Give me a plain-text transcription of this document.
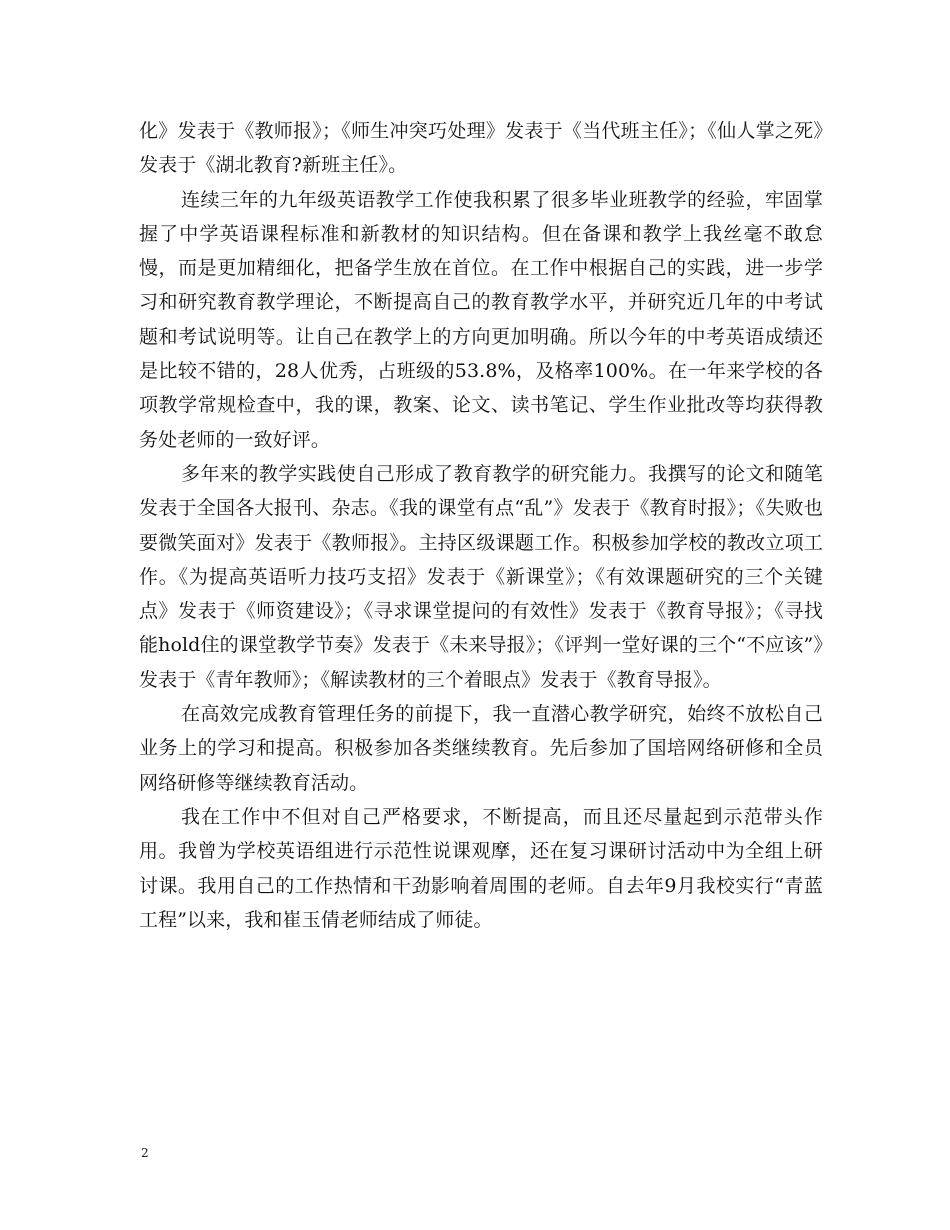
化》发表于《教师报》；《师生冲突巧处理》发表于《当代班主任》；《仙人掌之死》发表于《湖北教育?新班主任》。

连续三年的九年级英语教学工作使我积累了很多毕业班教学的经验，牢固掌握了中学英语课程标准和新教材的知识结构。但在备课和教学上我丝毫不敢怠慢，而是更加精细化，把备学生放在首位。在工作中根据自己的实践，进一步学习和研究教育教学理论，不断提高自己的教育教学水平，并研究近几年的中考试题和考试说明等。让自己在教学上的方向更加明确。所以今年的中考英语成绩还是比较不错的，28人优秀，占班级的53.8%，及格率100%。在一年来学校的各项教学常规检查中，我的课，教案、论文、读书笔记、学生作业批改等均获得教务处老师的一致好评。

多年来的教学实践使自己形成了教育教学的研究能力。我撰写的论文和随笔发表于全国各大报刊、杂志。《我的课堂有点“乱”》发表于《教育时报》；《失败也要微笑面对》发表于《教师报》。主持区级课题工作。积极参加学校的教改立项工作。《为提高英语听力技巧支招》发表于《新课堂》；《有效课题研究的三个关键点》发表于《师资建设》；《寻求课堂提问的有效性》发表于《教育导报》；《寻找能hold住的课堂教学节奏》发表于《未来导报》；《评判一堂好课的三个“不应该”》发表于《青年教师》；《解读教材的三个着眼点》发表于《教育导报》。

在高效完成教育管理任务的前提下，我一直潜心教学研究，始终不放松自己业务上的学习和提高。积极参加各类继续教育。先后参加了国培网络研修和全员网络研修等继续教育活动。

我在工作中不但对自己严格要求，不断提高，而且还尽量起到示范带头作用。我曾为学校英语组进行示范性说课观摩，还在复习课研讨活动中为全组上研讨课。我用自己的工作热情和干劲影响着周围的老师。自去年9月我校实行“青蓝工程”以来，我和崔玉倩老师结成了师徒。

2
